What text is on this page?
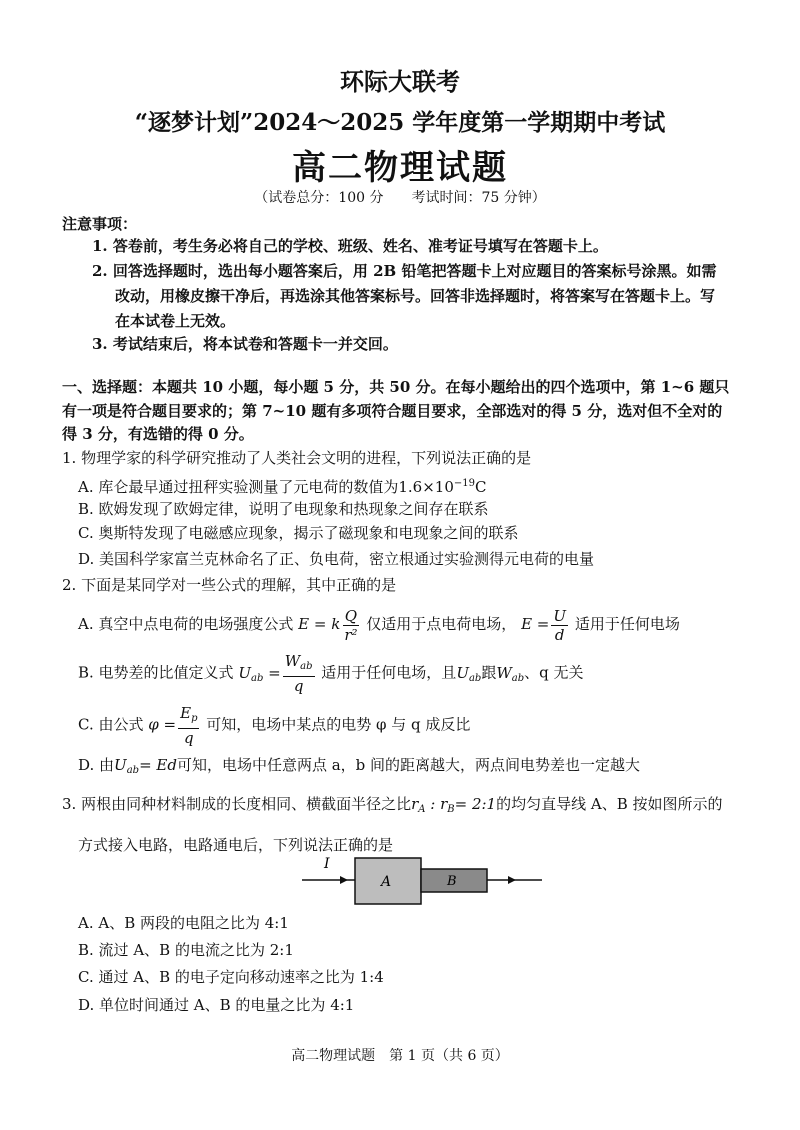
环际大联考
“逐梦计划”2024～2025 学年度第一学期期中考试
高二物理试题
（试卷总分：100 分　　考试时间：75 分钟）
注意事项：
1. 答卷前，考生务必将自己的学校、班级、姓名、准考证号填写在答题卡上。
2. 回答选择题时，选出每小题答案后，用 2B 铅笔把答题卡上对应题目的答案标号涂黑。如需
改动，用橡皮擦干净后，再选涂其他答案标号。回答非选择题时，将答案写在答题卡上。写
在本试卷上无效。
3. 考试结束后，将本试卷和答题卡一并交回。
一、选择题：本题共 10 小题，每小题 5 分，共 50 分。在每小题给出的四个选项中，第 1~6 题只
有一项是符合题目要求的；第 7~10 题有多项符合题目要求，全部选对的得 5 分，选对但不全对的
得 3 分，有选错的得 0 分。
1. 物理学家的科学研究推动了人类社会文明的进程，下列说法正确的是
A. 库仑最早通过扭秤实验测量了元电荷的数值为$1.6\times 10^{-19}C$
B. 欧姆发现了欧姆定律，说明了电现象和热现象之间存在联系
C. 奥斯特发现了电磁感应现象，揭示了磁现象和电现象之间的联系
D. 美国科学家富兰克林命名了正、负电荷，密立根通过实验测得元电荷的电量
2. 下面是某同学对一些公式的理解，其中正确的是
A. 真空中点电荷的电场强度公式 E = k $\frac{Q}{\text{r²}}$ 仅适用于点电荷电场， $E = \frac{U}{d}$ 适用于任何电场
B. 电势差的比值定义式 $U_{ab} = \frac{W_{ab}}{q}$ 适用于任何电场，且$U_{ab}$跟$W_{ab}$、q 无关
C. 由公式 $\varphi = \frac{E_p}{q}$ 可知，电场中某点的电势 φ 与 q 成反比
D. 由$U_{ab}= Ed$可知，电场中任意两点 a，b 间的距离越大，两点间电势差也一定越大
3. 两根由同种材料制成的长度相同、横截面半径之比$r_A$ : $r_B=$ 2:1的均匀直导线 A、B 按如图所示的
方式接入电路，电路通电后，下列说法正确的是
I
A	B
A. A、B 两段的电阻之比为 4:1
B. 流过 A、B 的电流之比为 2:1
C. 通过 A、B 的电子定向移动速率之比为 1:4
D. 单位时间通过 A、B 的电量之比为 4:1
高二物理试题　第 1 页（共 6 页）
